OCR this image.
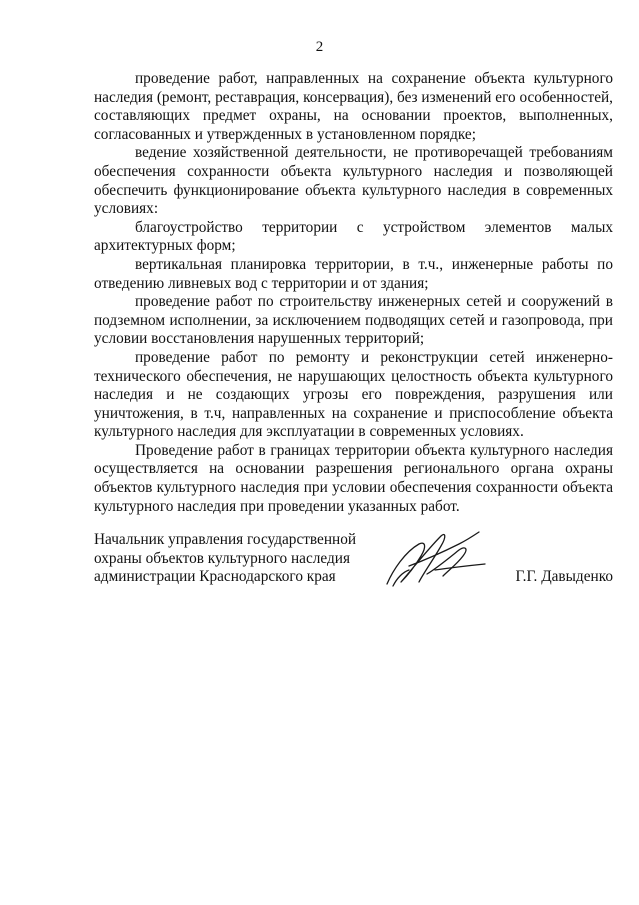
2

проведение работ, направленных на сохранение объекта культурного наследия (ремонт, реставрация, консервация), без изменений его особенностей, составляющих предмет охраны, на основании проектов, выполненных, согласованных и утвержденных в установленном порядке;

ведение хозяйственной деятельности, не противоречащей требованиям обеспечения сохранности объекта культурного наследия и позволяющей обеспечить функционирование объекта культурного наследия в современных условиях:

благоустройство территории с устройством элементов малых архитектурных форм;

вертикальная планировка территории, в т.ч., инженерные работы по отведению ливневых вод с территории и от здания;

проведение работ по строительству инженерных сетей и сооружений в подземном исполнении, за исключением подводящих сетей и газопровода, при условии восстановления нарушенных территорий;

проведение работ по ремонту и реконструкции сетей инженерно-технического обеспечения, не нарушающих целостность объекта культурного наследия и не создающих угрозы его повреждения, разрушения или уничтожения, в т.ч, направленных на сохранение и приспособление объекта культурного наследия для эксплуатации в современных условиях.

Проведение работ в границах территории объекта культурного наследия осуществляется на основании разрешения регионального органа охраны объектов культурного наследия при условии обеспечения сохранности объекта культурного наследия при проведении указанных работ.

Начальник управления государственной
охраны объектов культурного наследия
администрации Краснодарского края	Г.Г. Давыденко
